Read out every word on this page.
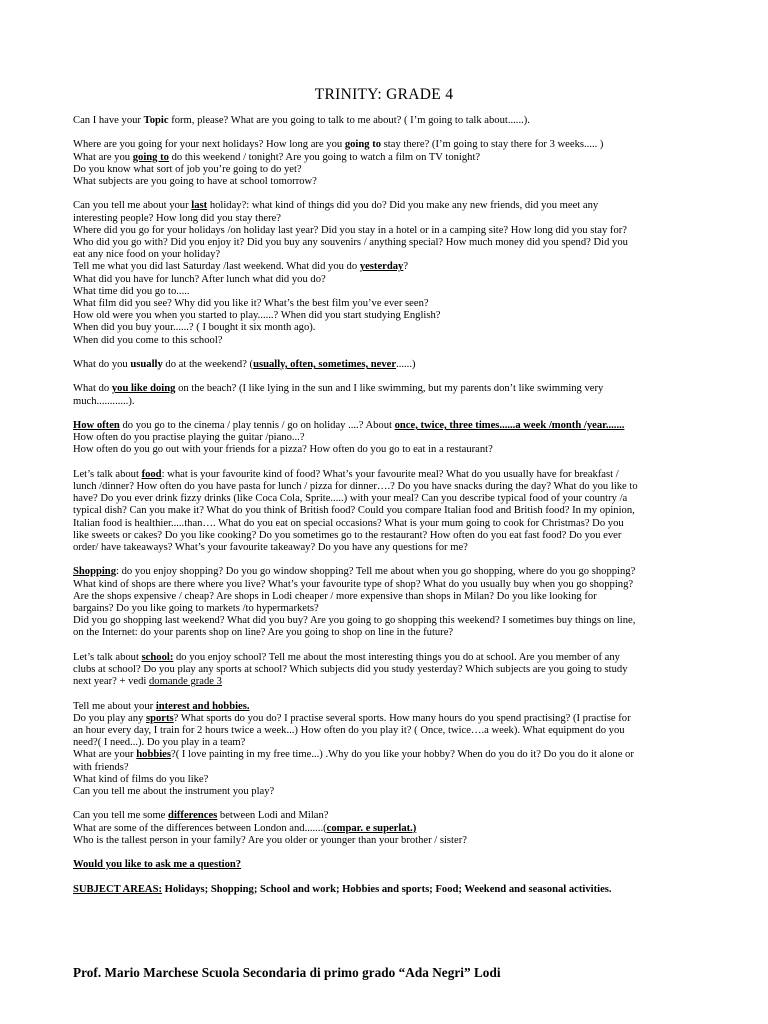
TRINITY: GRADE 4
Can I have your Topic form, please? What are you going to talk to me about? ( I’m going to talk about......).
Where are you going for your next holidays? How long are you going to stay there? (I’m going to stay there for 3 weeks..... )
What are you going to do this weekend / tonight? Are you going to watch a film on TV tonight?
Do you know what sort of job you’re going to do yet?
What subjects are you going to have at school tomorrow?
Can you tell me about your last holiday?: what kind of things did you do? Did you make any new friends, did you meet any
interesting people? How long did you stay there?
Where did you go for your holidays /on holiday last year? Did you stay in a hotel or in a camping site? How long did you stay for?
Who did you go with? Did you enjoy it? Did you buy any souvenirs / anything special? How much money did you spend? Did you
eat any nice food on your holiday?
Tell me what you did last Saturday /last weekend. What did you do yesterday?
What did you have for lunch? After lunch what did you do?
What time did you go to.....
What film did you see? Why did you like it? What’s the best film you’ve ever seen?
How old were you when you started to play......? When did you start studying English?
When did you buy your......? ( I bought it six month ago).
When did you come to this school?
What do you usually do at the weekend? (usually, often, sometimes, never......)
What do you like doing on the beach? (I like lying in the sun and I like swimming, but my parents don’t like swimming very
much............).
How often do you go to the cinema / play tennis / go on holiday ....? About once, twice, three times......a week /month /year.......
How often do you practise playing the guitar /piano...?
How often do you go out with your friends for a pizza? How often do you go to eat in a restaurant?
Let’s talk about food: what is your favourite kind of food? What’s your favourite meal? What do you usually have for breakfast /
lunch /dinner? How often do you have pasta for lunch / pizza for dinner….? Do you have snacks during the day? What do you like to
have? Do you ever drink fizzy drinks (like Coca Cola, Sprite.....) with your meal? Can you describe typical food of your country /a
typical dish? Can you make it? What do you think of British food? Could you compare Italian food and British food? In my opinion,
Italian food is healthier.....than…. What do you eat on special occasions? What is your mum going to cook for Christmas? Do you
like sweets or cakes? Do you like cooking? Do you sometimes go to the restaurant? How often do you eat fast food? Do you ever
order/ have takeaways? What’s your favourite takeaway? Do you have any questions for me?
Shopping: do you enjoy shopping? Do you go window shopping? Tell me about when you go shopping, where do you go shopping?
What kind of shops are there where you live? What’s your favourite type of shop? What do you usually buy when you go shopping?
Are the shops expensive / cheap? Are shops in Lodi cheaper / more expensive than shops in Milan? Do you like looking for
bargains? Do you like going to markets /to hypermarkets?
Did you go shopping last weekend? What did you buy? Are you going to go shopping this weekend? I sometimes buy things on line,
on the Internet: do your parents shop on line? Are you going to shop on line in the future?
Let’s talk about school: do you enjoy school? Tell me about the most interesting things you do at school. Are you member of any
clubs at school? Do you play any sports at school? Which subjects did you study yesterday? Which subjects are you going to study
next year? + vedi domande grade 3
Tell me about your interest and hobbies.
Do you play any sports? What sports do you do? I practise several sports. How many hours do you spend practising? (I practise for
an hour every day, I train for 2 hours twice a week...) How often do you play it? ( Once, twice….a week). What equipment do you
need?( I need...). Do you play in a team?
What are your hobbies?( I love painting in my free time...) .Why do you like your hobby? When do you do it? Do you do it alone or
with friends?
What kind of films do you like?
Can you tell me about the instrument you play?
Can you tell me some differences between Lodi and Milan?
What are some of the differences between London and.......(compar. e superlat.)
Who is the tallest person in your family? Are you older or younger than your brother / sister?
Would you like to ask me a question?
SUBJECT AREAS: Holidays; Shopping; School and work; Hobbies and sports; Food; Weekend and seasonal activities.
Prof. Mario Marchese Scuola Secondaria di primo grado “Ada Negri” Lodi
